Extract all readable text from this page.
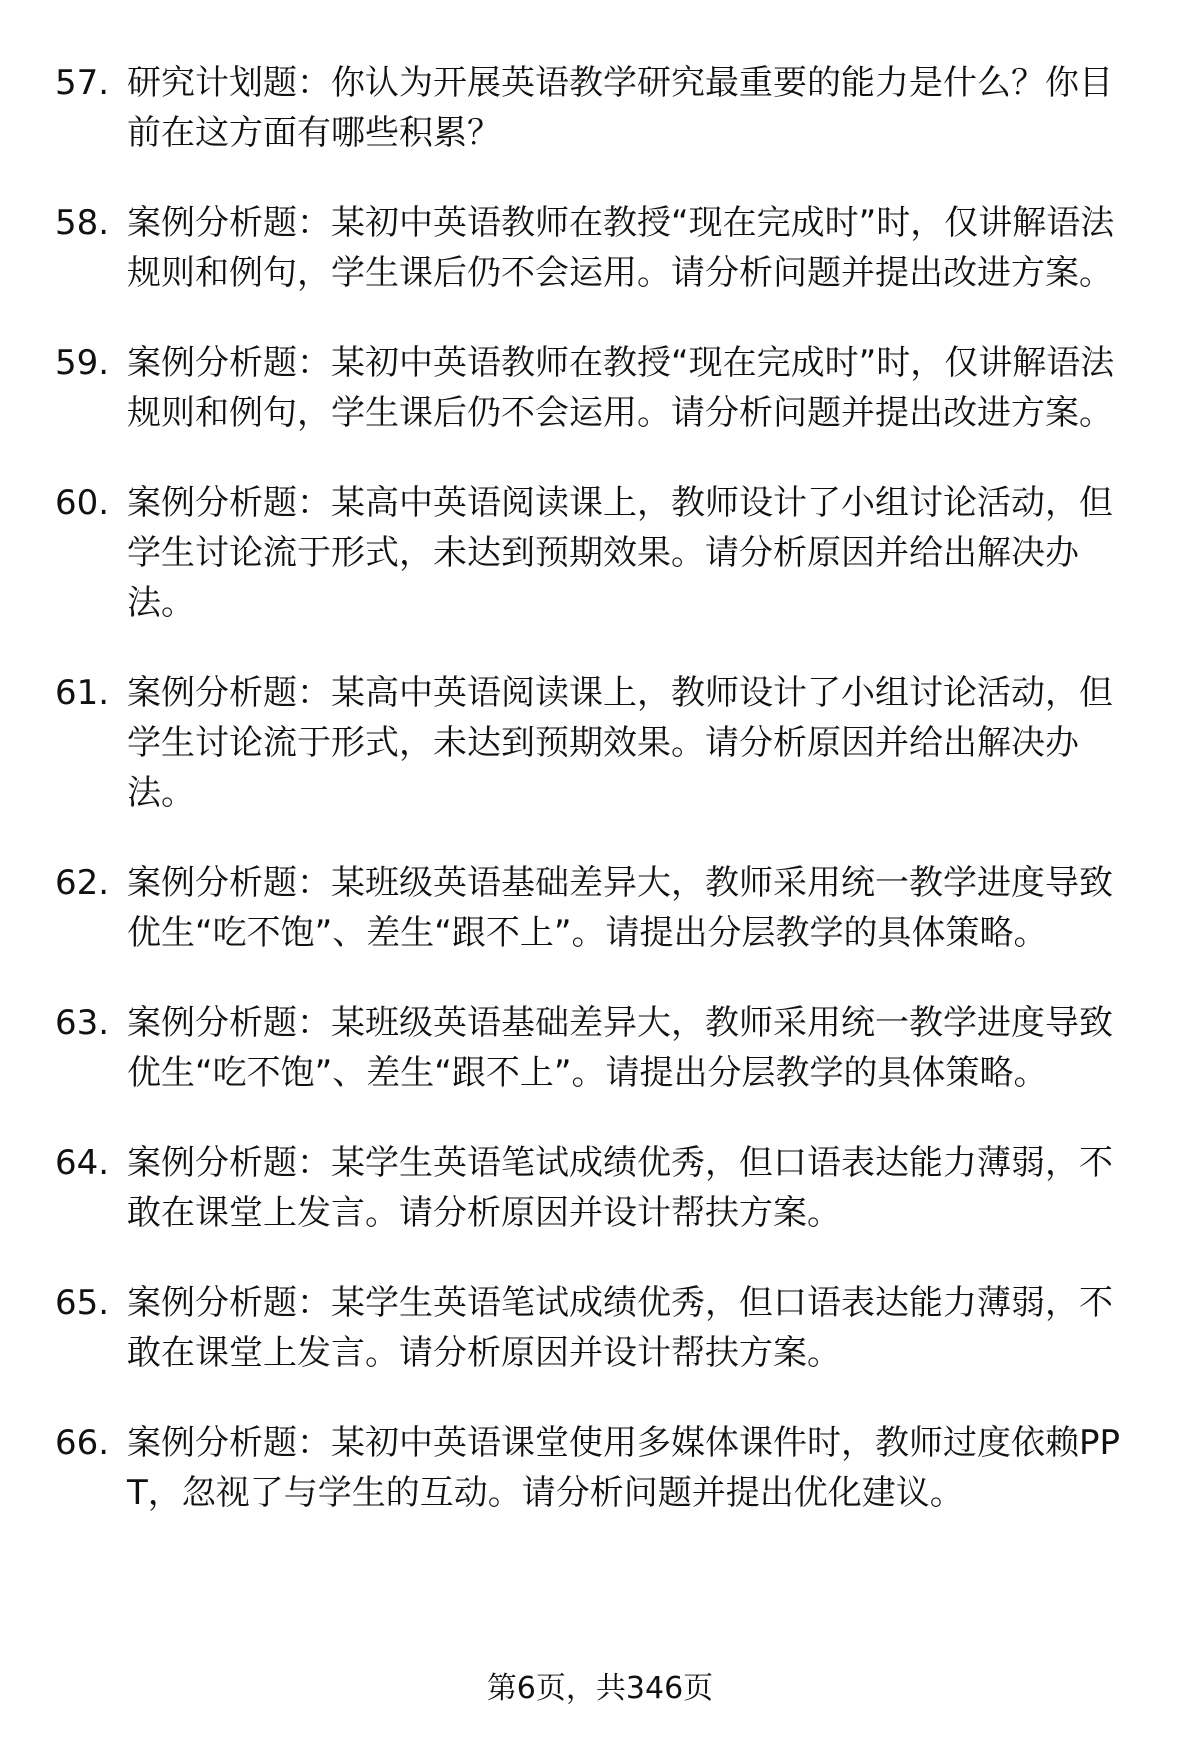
57. 研究计划题：你认为开展英语教学研究最重要的能力是什么？你目前在这方面有哪些积累？
58. 案例分析题：某初中英语教师在教授“现在完成时”时，仅讲解语法规则和例句，学生课后仍不会运用。请分析问题并提出改进方案。
59. 案例分析题：某初中英语教师在教授“现在完成时”时，仅讲解语法规则和例句，学生课后仍不会运用。请分析问题并提出改进方案。
60. 案例分析题：某高中英语阅读课上，教师设计了小组讨论活动，但学生讨论流于形式，未达到预期效果。请分析原因并给出解决办法。
61. 案例分析题：某高中英语阅读课上，教师设计了小组讨论活动，但学生讨论流于形式，未达到预期效果。请分析原因并给出解决办法。
62. 案例分析题：某班级英语基础差异大，教师采用统一教学进度导致优生“吃不饱”、差生“跟不上”。请提出分层教学的具体策略。
63. 案例分析题：某班级英语基础差异大，教师采用统一教学进度导致优生“吃不饱”、差生“跟不上”。请提出分层教学的具体策略。
64. 案例分析题：某学生英语笔试成绩优秀，但口语表达能力薄弱，不敢在课堂上发言。请分析原因并设计帮扶方案。
65. 案例分析题：某学生英语笔试成绩优秀，但口语表达能力薄弱，不敢在课堂上发言。请分析原因并设计帮扶方案。
66. 案例分析题：某初中英语课堂使用多媒体课件时，教师过度依赖PPT，忽视了与学生的互动。请分析问题并提出优化建议。
第6页，共346页
